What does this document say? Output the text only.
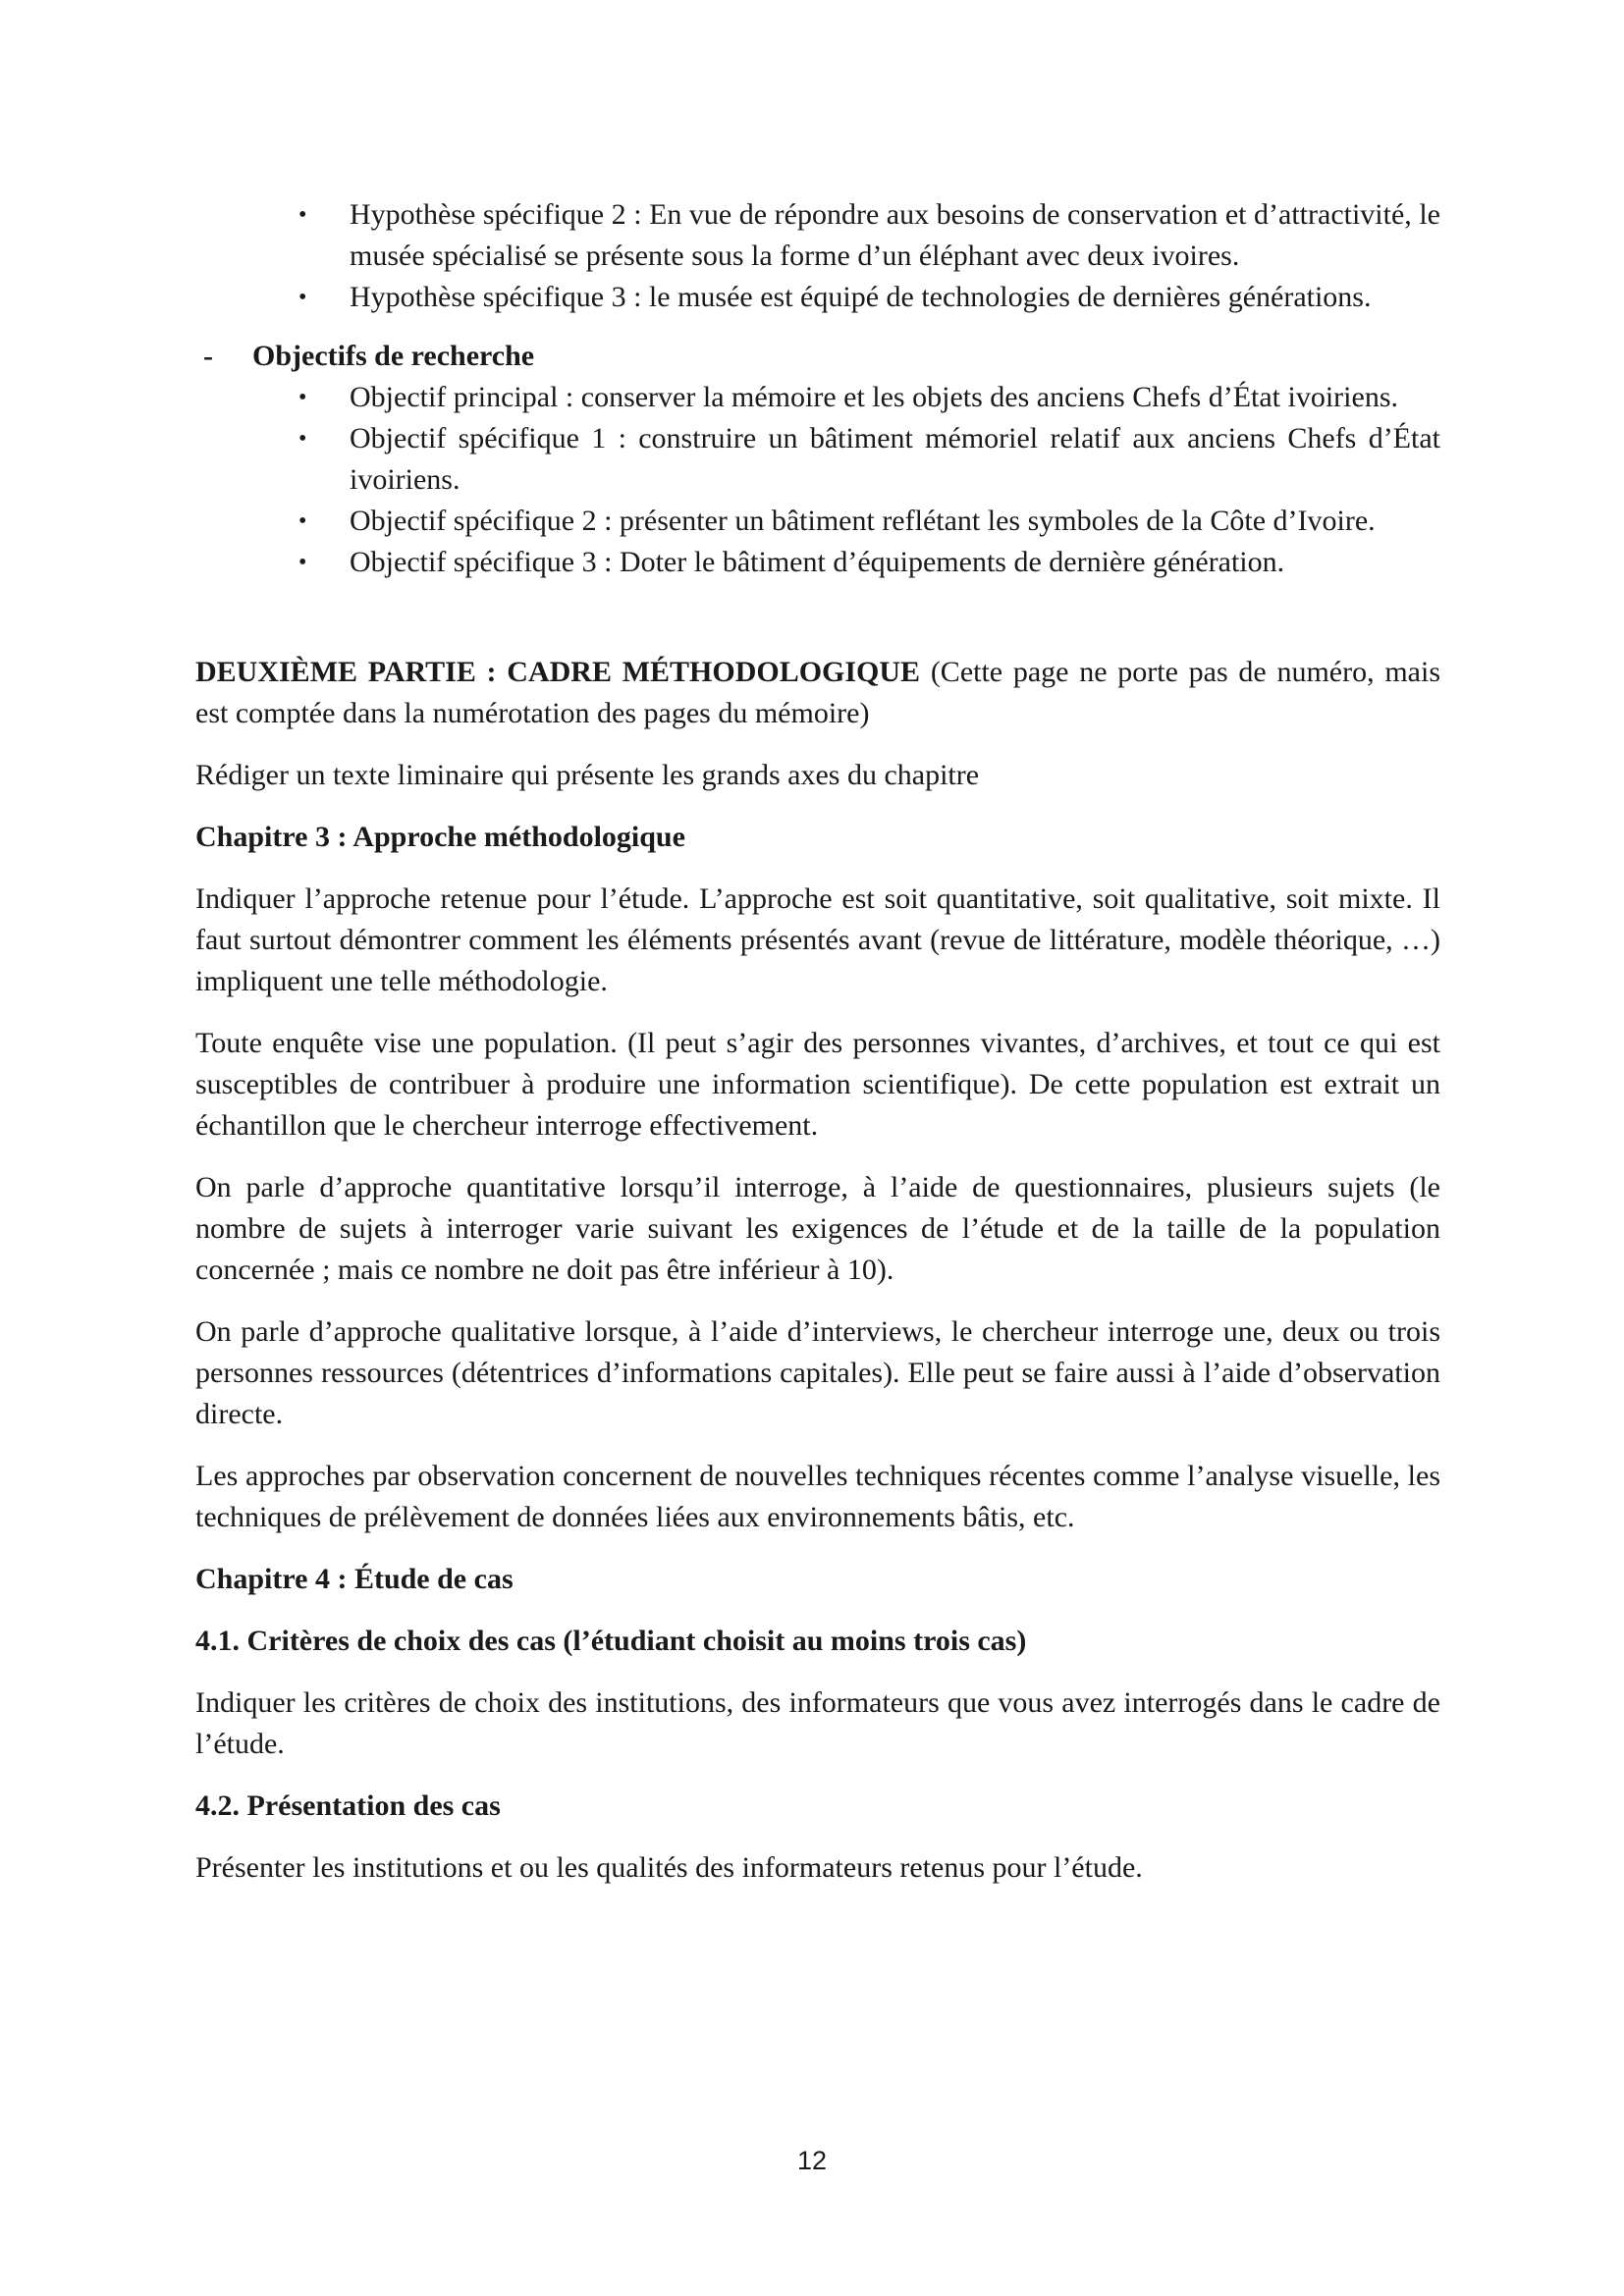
• Hypothèse spécifique 2 : En vue de répondre aux besoins de conservation et d’attractivité, le musée spécialisé se présente sous la forme d’un éléphant avec deux ivoires.
• Hypothèse spécifique 3 : le musée est équipé de technologies de dernières générations.

- Objectifs de recherche

• Objectif principal : conserver la mémoire et les objets des anciens Chefs d’État ivoiriens.
• Objectif spécifique 1 : construire un bâtiment mémoriel relatif aux anciens Chefs d’État ivoiriens.
• Objectif spécifique 2 : présenter un bâtiment reflétant les symboles de la Côte d’Ivoire.
• Objectif spécifique 3 : Doter le bâtiment d’équipements de dernière génération.

DEUXIÈME PARTIE : CADRE MÉTHODOLOGIQUE (Cette page ne porte pas de numéro, mais est comptée dans la numérotation des pages du mémoire)

Rédiger un texte liminaire qui présente les grands axes du chapitre

Chapitre 3 : Approche méthodologique

Indiquer l’approche retenue pour l’étude. L’approche est soit quantitative, soit qualitative, soit mixte. Il faut surtout démontrer comment les éléments présentés avant (revue de littérature, modèle théorique, …) impliquent une telle méthodologie.

Toute enquête vise une population. (Il peut s’agir des personnes vivantes, d’archives, et tout ce qui est susceptibles de contribuer à produire une information scientifique). De cette population est extrait un échantillon que le chercheur interroge effectivement.

On parle d’approche quantitative lorsqu’il interroge, à l’aide de questionnaires, plusieurs sujets (le nombre de sujets à interroger varie suivant les exigences de l’étude et de la taille de la population concernée ; mais ce nombre ne doit pas être inférieur à 10).

On parle d’approche qualitative lorsque, à l’aide d’interviews, le chercheur interroge une, deux ou trois personnes ressources (détentrices d’informations capitales). Elle peut se faire aussi à l’aide d’observation directe.

Les approches par observation concernent de nouvelles techniques récentes comme l’analyse visuelle, les techniques de prélèvement de données liées aux environnements bâtis, etc.

Chapitre 4 : Étude de cas

4.1. Critères de choix des cas (l’étudiant choisit au moins trois cas)

Indiquer les critères de choix des institutions, des informateurs que vous avez interrogés dans le cadre de l’étude.

4.2. Présentation des cas

Présenter les institutions et ou les qualités des informateurs retenus pour l’étude.

12
